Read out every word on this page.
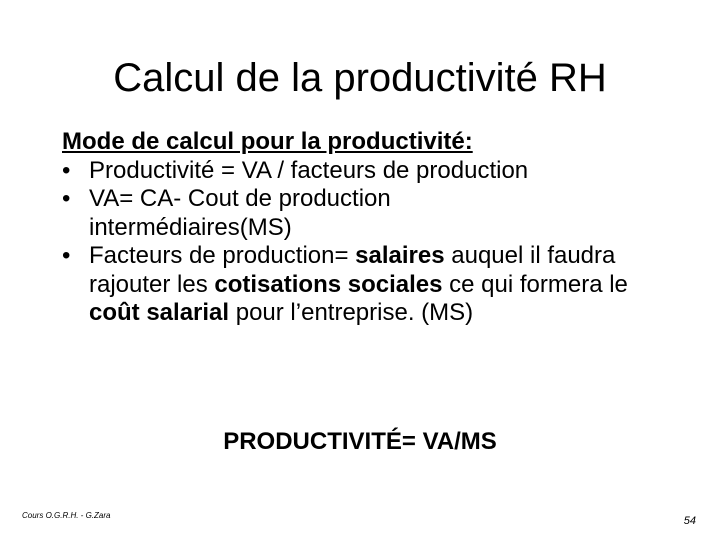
Calcul de la productivité RH
Mode de calcul pour la productivité:
• Productivité = VA / facteurs de production
• VA= CA- Cout de production
intermédiaires(MS)
• Facteurs de production= salaires auquel il faudra rajouter les cotisations sociales ce qui formera le coût salarial pour l’entreprise. (MS)
PRODUCTIVITÉ= VA/MS
Cours O.G.R.H. - G.Zara	54
